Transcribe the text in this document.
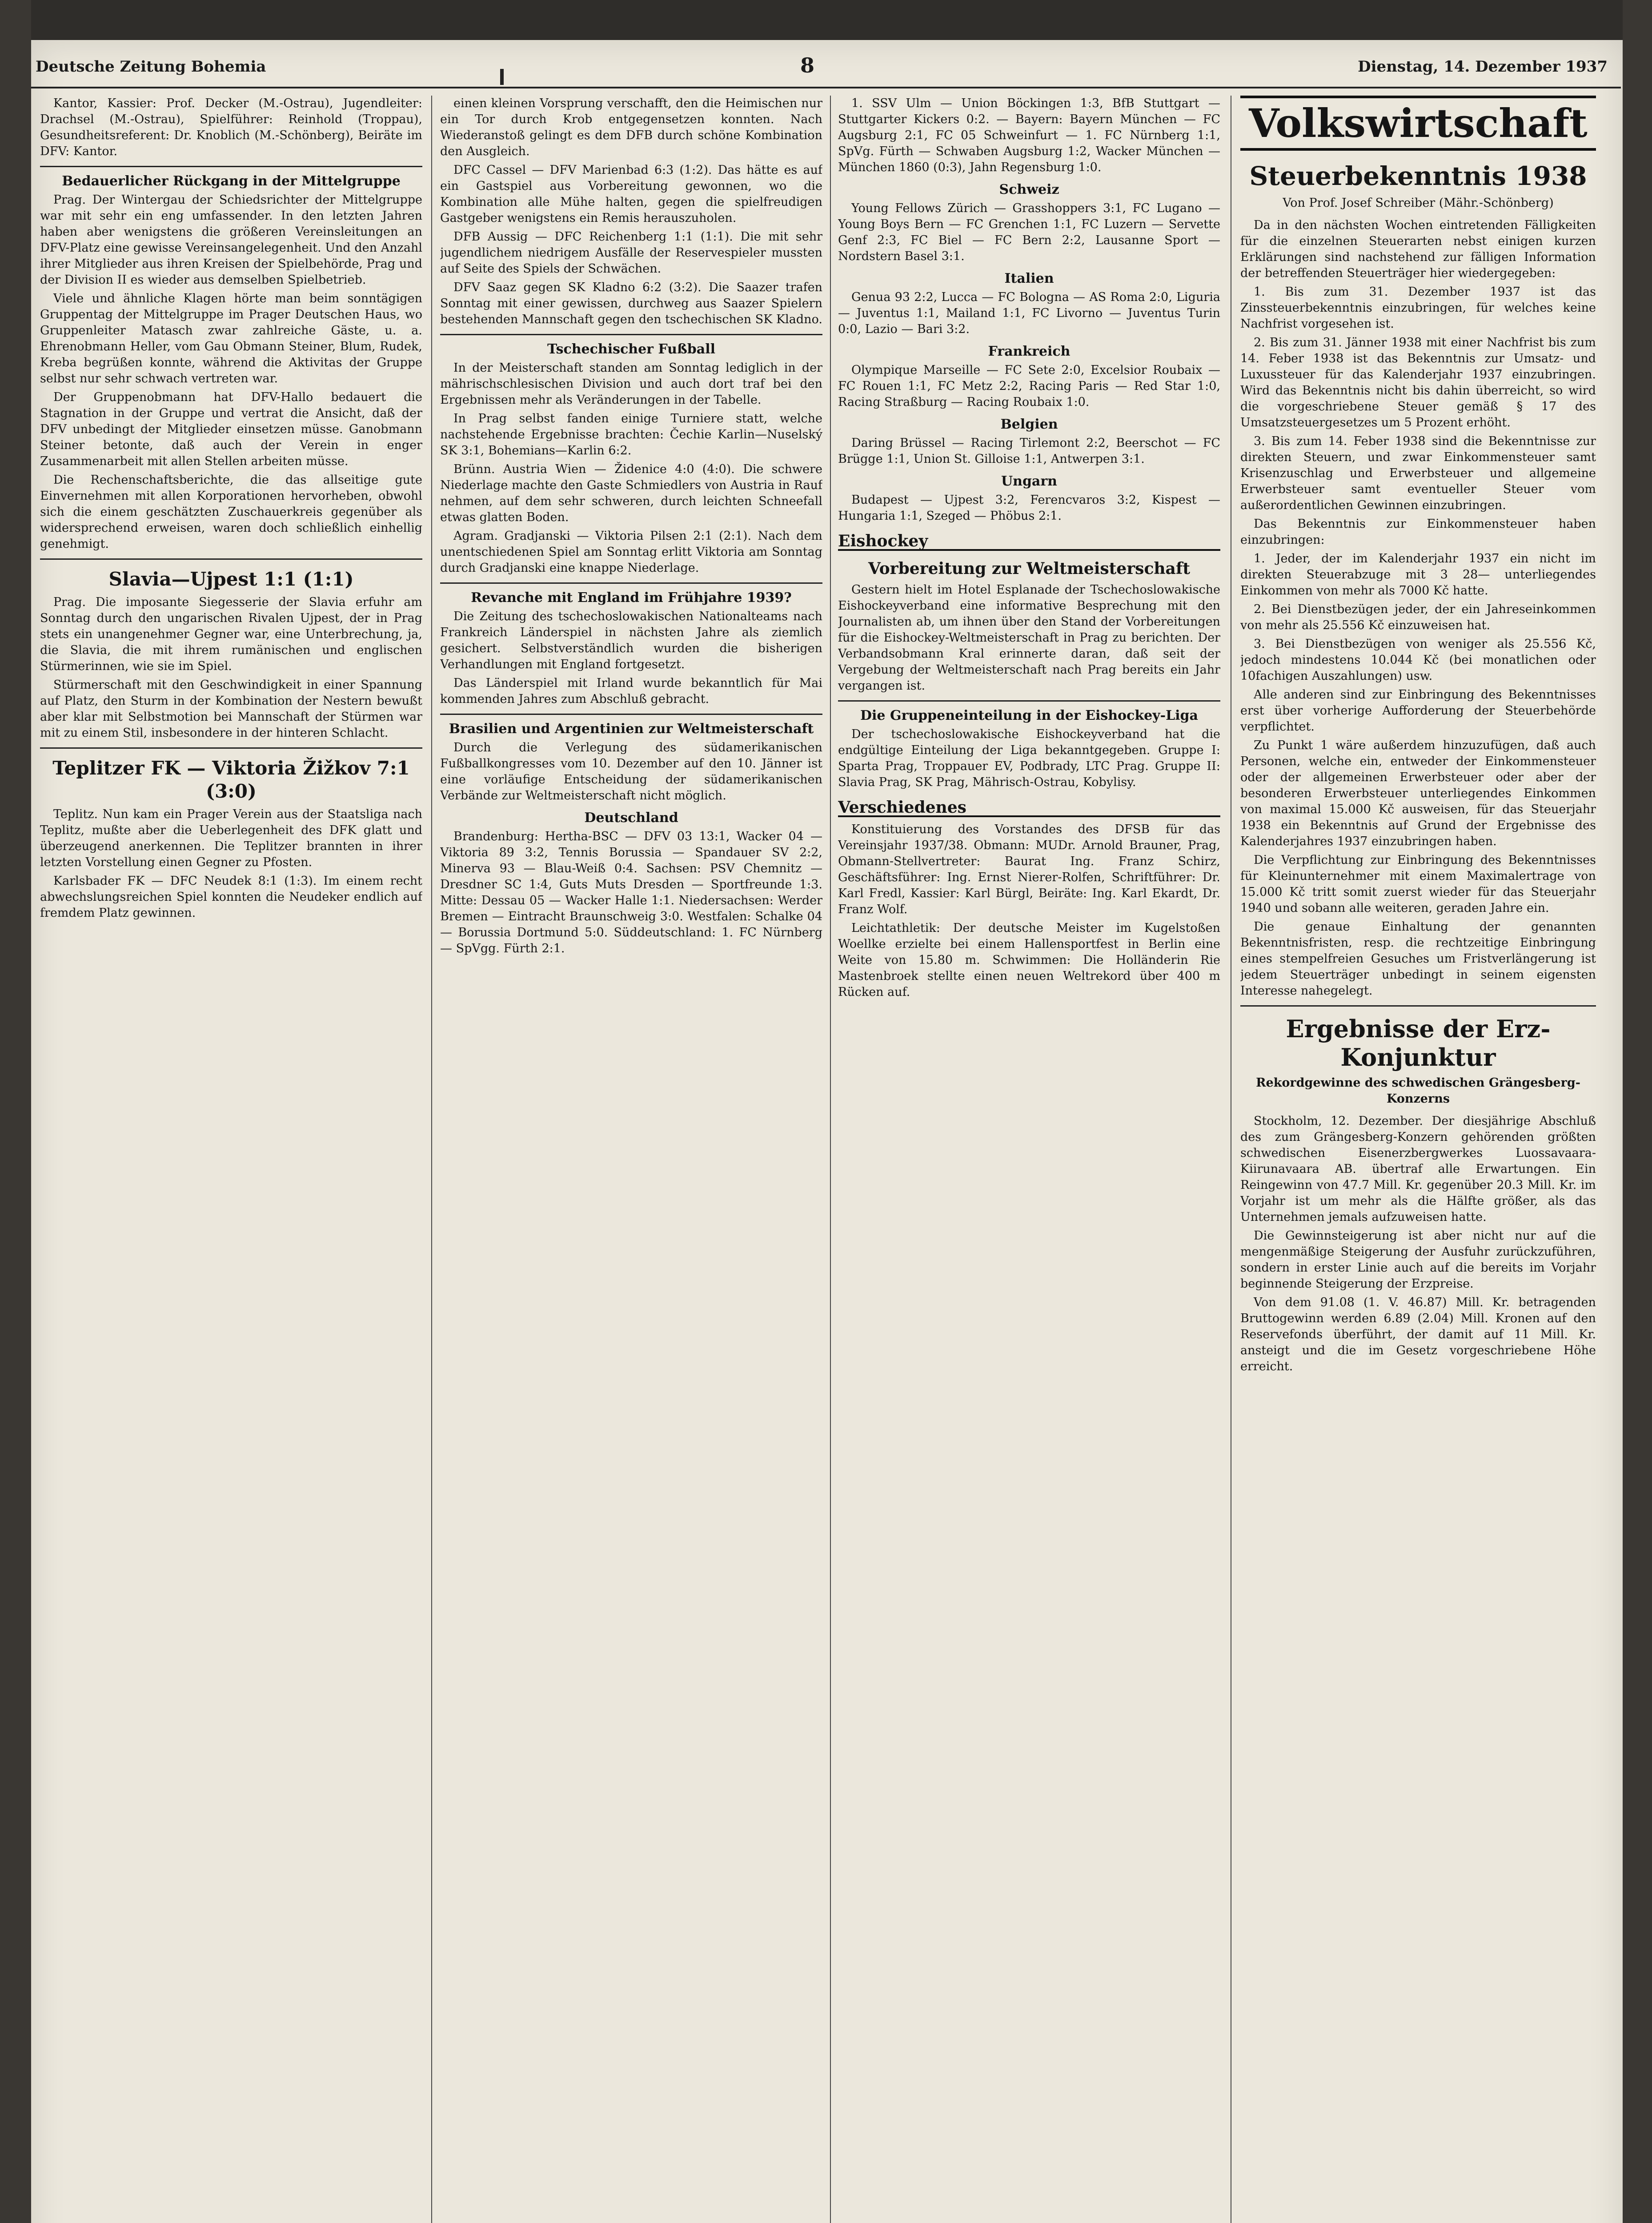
Deutsche Zeitung Bohemia	8	Dienstag, 14. Dezember 1937

Kantor, Kassier: Prof. Decker (M.-Ostrau), Jugendleiter: Drachsel (M.-Ostrau), Spielführer: Reinhold (Troppau), Gesundheitsreferent: Dr. Knoblich (M.-Schönberg), Beiräte im DFV: Kantor.

Bedauerlicher Rückgang in der Mittelgruppe

Prag. Der Wintergau der Schiedsrichter der Mittelgruppe war mit sehr ein eng umfassender. In den letzten Jahren haben aber wenigstens die größeren Vereinsleitungen an DFV-Platz eine gewisse Vereinsangelegenheit. Und den Anzahl ihrer Mitglieder aus ihren Kreisen der Spielbehörde, Prag und der Division II es wieder aus demselben Spielbetrieb.

Viele und ähnliche Klagen hörte man beim sonntägigen Gruppentag der Mittelgruppe im Prager Deutschen Haus, wo Gruppenleiter Matasch zwar zahlreiche Gäste, u. a. Ehrenobmann Heller, vom Gau Obmann Steiner, Blum, Rudek, Kreba begrüßen konnte, während die Aktivitas der Gruppe selbst nur sehr schwach vertreten war.

Der Gruppenobmann hat DFV-Hallo bedauert die Stagnation in der Gruppe und vertrat die Ansicht, daß der DFV unbedingt der Mitglieder einsetzen müsse. Ganobmann Steiner betonte, daß auch der Verein in enger Zusammenarbeit mit allen Stellen arbeiten müsse.

Die Rechenschaftsberichte, die das allseitige gute Einvernehmen mit allen Korporationen hervorheben, obwohl sich die einem geschätzten Zuschauerkreis gegenüber als widersprechend erweisen, waren doch schließlich einhellig genehmigt.

Slavia—Ujpest 1:1 (1:1)

Prag. Die imposante Siegesserie der Slavia erfuhr am Sonntag durch den ungarischen Rivalen Ujpest, der in Prag stets ein unangenehmer Gegner war, eine Unterbrechung, ja, die Slavia, die mit ihrem rumänischen und englischen Stürmerinnen, wie sie im Spiel.

Stürmerschaft mit den Geschwindigkeit in einer Spannung auf Platz, den Sturm in der Kombination der Nestern bewußt aber klar mit Selbstmotion bei Mannschaft der Stürmen war mit zu einem Stil, insbesondere in der hinteren Schlacht.

Teplitzer FK — Viktoria Žižkov 7:1 (3:0)

Teplitz. Nun kam ein Prager Verein aus der Staatsliga nach Teplitz, mußte aber die Ueberlegenheit des DFK glatt und überzeugend anerkennen. Die Teplitzer brannten in ihrer letzten Vorstellung einen Gegner zu Pfosten.

Karlsbader FK — DFC Neudek 8:1 (1:3). Im einem recht abwechslungsreichen Spiel konnten die Neudeker endlich auf fremdem Platz gewinnen.

einen kleinen Vorsprung verschafft, den die Heimischen nur ein Tor durch Krob entgegensetzen konnten. Nach Wiederanstoß gelingt es dem DFB durch schöne Kombination den Ausgleich.

DFC Cassel — DFV Marienbad 6:3 (1:2). Das hätte es auf ein Gastspiel aus Vorbereitung gewonnen, wo die Kombination alle Mühe halten, gegen die spielfreudigen Gastgeber wenigstens ein Remis herauszuholen.

DFB Aussig — DFC Reichenberg 1:1 (1:1). Die mit sehr jugendlichem niedrigem Ausfälle der Reservespieler mussten auf Seite des Spiels der Schwächen.

DFV Saaz gegen SK Kladno 6:2 (3:2). Die Saazer trafen Sonntag mit einer gewissen, durchweg aus Saazer Spielern bestehenden Mannschaft gegen den tschechischen SK Kladno.

Tschechischer Fußball

In der Meisterschaft standen am Sonntag lediglich in der mährischschlesischen Division und auch dort traf bei den Ergebnissen mehr als Veränderungen in der Tabelle.

In Prag selbst fanden einige Turniere statt, welche nachstehende Ergebnisse brachten: Čechie Karlin—Nuselský SK 3:1, Bohemians—Karlin 6:2.

Brünn. Austria Wien — Židenice 4:0 (4:0). Die schwere Niederlage machte den Gaste Schmiedlers von Austria in Rauf nehmen, auf dem sehr schweren, durch leichten Schneefall etwas glatten Boden.

Agram. Gradjanski — Viktoria Pilsen 2:1 (2:1). Nach dem unentschiedenen Spiel am Sonntag erlitt Viktoria am Sonntag durch Gradjanski eine knappe Niederlage.

Revanche mit England im Frühjahre 1939?

Die Zeitung des tschechoslowakischen Nationalteams nach Frankreich Länderspiel in nächsten Jahre als ziemlich gesichert. Selbstverständlich wurden die bisherigen Verhandlungen mit England fortgesetzt.

Das Länderspiel mit Irland wurde bekanntlich für Mai kommenden Jahres zum Abschluß gebracht.

Brasilien und Argentinien zur Weltmeisterschaft

Durch die Verlegung des südamerikanischen Fußballkongresses vom 10. Dezember auf den 10. Jänner ist eine vorläufige Entscheidung der südamerikanischen Verbände zur Weltmeisterschaft nicht möglich.

Deutschland

Brandenburg: Hertha-BSC — DFV 03 13:1, Wacker 04 — Viktoria 89 3:2, Tennis Borussia — Spandauer SV 2:2, Minerva 93 — Blau-Weiß 0:4. Sachsen: PSV Chemnitz — Dresdner SC 1:4, Guts Muts Dresden — Sportfreunde 1:3. Mitte: Dessau 05 — Wacker Halle 1:1. Niedersachsen: Werder Bremen — Eintracht Braunschweig 3:0. Westfalen: Schalke 04 — Borussia Dortmund 5:0. Süddeutschland: 1. FC Nürnberg — SpVgg. Fürth 2:1.

1. SSV Ulm — Union Böckingen 1:3, BfB Stuttgart — Stuttgarter Kickers 0:2. — Bayern: Bayern München — FC Augsburg 2:1, FC 05 Schweinfurt — 1. FC Nürnberg 1:1, SpVg. Fürth — Schwaben Augsburg 1:2, Wacker München — München 1860 (0:3), Jahn Regensburg 1:0.

Schweiz

Young Fellows Zürich — Grasshoppers 3:1, FC Lugano — Young Boys Bern — FC Grenchen 1:1, FC Luzern — Servette Genf 2:3, FC Biel — FC Bern 2:2, Lausanne Sport — Nordstern Basel 3:1.

Italien

Genua 93 2:2, Lucca — FC Bologna — AS Roma 2:0, Liguria — Juventus 1:1, Mailand 1:1, FC Livorno — Juventus Turin 0:0, Lazio — Bari 3:2.

Frankreich

Olympique Marseille — FC Sete 2:0, Excelsior Roubaix — FC Rouen 1:1, FC Metz 2:2, Racing Paris — Red Star 1:0, Racing Straßburg — Racing Roubaix 1:0.

Belgien

Daring Brüssel — Racing Tirlemont 2:2, Beerschot — FC Brügge 1:1, Union St. Gilloise 1:1, Antwerpen 3:1.

Ungarn

Budapest — Ujpest 3:2, Ferencvaros 3:2, Kispest — Hungaria 1:1, Szeged — Phöbus 2:1.

Eishockey
Vorbereitung zur Weltmeisterschaft

Gestern hielt im Hotel Esplanade der Tschechoslowakische Eishockeyverband eine informative Besprechung mit den Journalisten ab, um ihnen über den Stand der Vorbereitungen für die Eishockey-Weltmeisterschaft in Prag zu berichten. Der Verbandsobmann Kral erinnerte daran, daß seit der Vergebung der Weltmeisterschaft nach Prag bereits ein Jahr vergangen ist.

Die Gruppeneinteilung in der Eishockey-Liga

Der tschechoslowakische Eishockeyverband hat die endgültige Einteilung der Liga bekanntgegeben. Gruppe I: Sparta Prag, Troppauer EV, Podbrady, LTC Prag. Gruppe II: Slavia Prag, SK Prag, Mährisch-Ostrau, Kobylisy.

Verschiedenes

Konstituierung des Vorstandes des DFSB für das Vereinsjahr 1937/38. Obmann: MUDr. Arnold Brauner, Prag, Obmann-Stellvertreter: Baurat Ing. Franz Schirz, Geschäftsführer: Ing. Ernst Nierer-Rolfen, Schriftführer: Dr. Karl Fredl, Kassier: Karl Bürgl, Beiräte: Ing. Karl Ekardt, Dr. Franz Wolf.

Leichtathletik: Der deutsche Meister im Kugelstoßen Woellke erzielte bei einem Hallensportfest in Berlin eine Weite von 15.80 m. Schwimmen: Die Holländerin Rie Mastenbroek stellte einen neuen Weltrekord über 400 m Rücken auf.

Volkswirtschaft
Steuerbekenntnis 1938
Von Prof. Josef Schreiber (Mähr.-Schönberg)

Da in den nächsten Wochen eintretenden Fälligkeiten für die einzelnen Steuerarten nebst einigen kurzen Erklärungen sind nachstehend zur fälligen Information der betreffenden Steuerträger hier wiedergegeben:

1. Bis zum 31. Dezember 1937 ist das Zinssteuerbekenntnis einzubringen, für welches keine Nachfrist vorgesehen ist.

2. Bis zum 31. Jänner 1938 mit einer Nachfrist bis zum 14. Feber 1938 ist das Bekenntnis zur Umsatz- und Luxussteuer für das Kalenderjahr 1937 einzubringen. Wird das Bekenntnis nicht bis dahin überreicht, so wird die vorgeschriebene Steuer gemäß § 17 des Umsatzsteuergesetzes um 5 Prozent erhöht.

3. Bis zum 14. Feber 1938 sind die Bekenntnisse zur direkten Steuern, und zwar Einkommensteuer samt Krisenzuschlag und Erwerbsteuer und allgemeine Erwerbsteuer samt eventueller Steuer vom außerordentlichen Gewinnen einzubringen.

Das Bekenntnis zur Einkommensteuer haben einzubringen:

1. Jeder, der im Kalenderjahr 1937 ein nicht im direkten Steuerabzuge mit 3 28— unterliegendes Einkommen von mehr als 7000 Kč hatte.

2. Bei Dienstbezügen jeder, der ein Jahreseinkommen von mehr als 25.556 Kč einzuweisen hat.

3. Bei Dienstbezügen von weniger als 25.556 Kč, jedoch mindestens 10.044 Kč (bei monatlichen oder 10fachigen Auszahlungen) usw.

Alle anderen sind zur Einbringung des Bekenntnisses erst über vorherige Aufforderung der Steuerbehörde verpflichtet.

Zu Punkt 1 wäre außerdem hinzuzufügen, daß auch Personen, welche ein, entweder der Einkommensteuer oder der allgemeinen Erwerbsteuer oder aber der besonderen Erwerbsteuer unterliegendes Einkommen von maximal 15.000 Kč ausweisen, für das Steuerjahr 1938 ein Bekenntnis auf Grund der Ergebnisse des Kalenderjahres 1937 einzubringen haben.

Die Verpflichtung zur Einbringung des Bekenntnisses für Kleinunternehmer mit einem Maximalertrage von 15.000 Kč tritt somit zuerst wieder für das Steuerjahr 1940 und sobann alle weiteren, geraden Jahre ein.

Die genaue Einhaltung der genannten Bekenntnisfristen, resp. die rechtzeitige Einbringung eines stempelfreien Gesuches um Fristverlängerung ist jedem Steuerträger unbedingt in seinem eigensten Interesse nahegelegt.

Ergebnisse der Erz-Konjunktur
Rekordgewinne des schwedischen Grängesberg-Konzerns

Stockholm, 12. Dezember. Der diesjährige Abschluß des zum Grängesberg-Konzern gehörenden größten schwedischen Eisenerzbergwerkes Luossavaara-Kiirunavaara AB. übertraf alle Erwartungen. Ein Reingewinn von 47.7 Mill. Kr. gegenüber 20.3 Mill. Kr. im Vorjahr ist um mehr als die Hälfte größer, als das Unternehmen jemals aufzuweisen hatte.

Die Gewinnsteigerung ist aber nicht nur auf die mengenmäßige Steigerung der Ausfuhr zurückzuführen, sondern in erster Linie auch auf die bereits im Vorjahr beginnende Steigerung der Erzpreise.

Von dem 91.08 (1. V. 46.87) Mill. Kr. betragenden Bruttogewinn werden 6.89 (2.04) Mill. Kronen auf den Reservefonds überführt, der damit auf 11 Mill. Kr. ansteigt und die im Gesetz vorgeschriebene Höhe erreicht.
